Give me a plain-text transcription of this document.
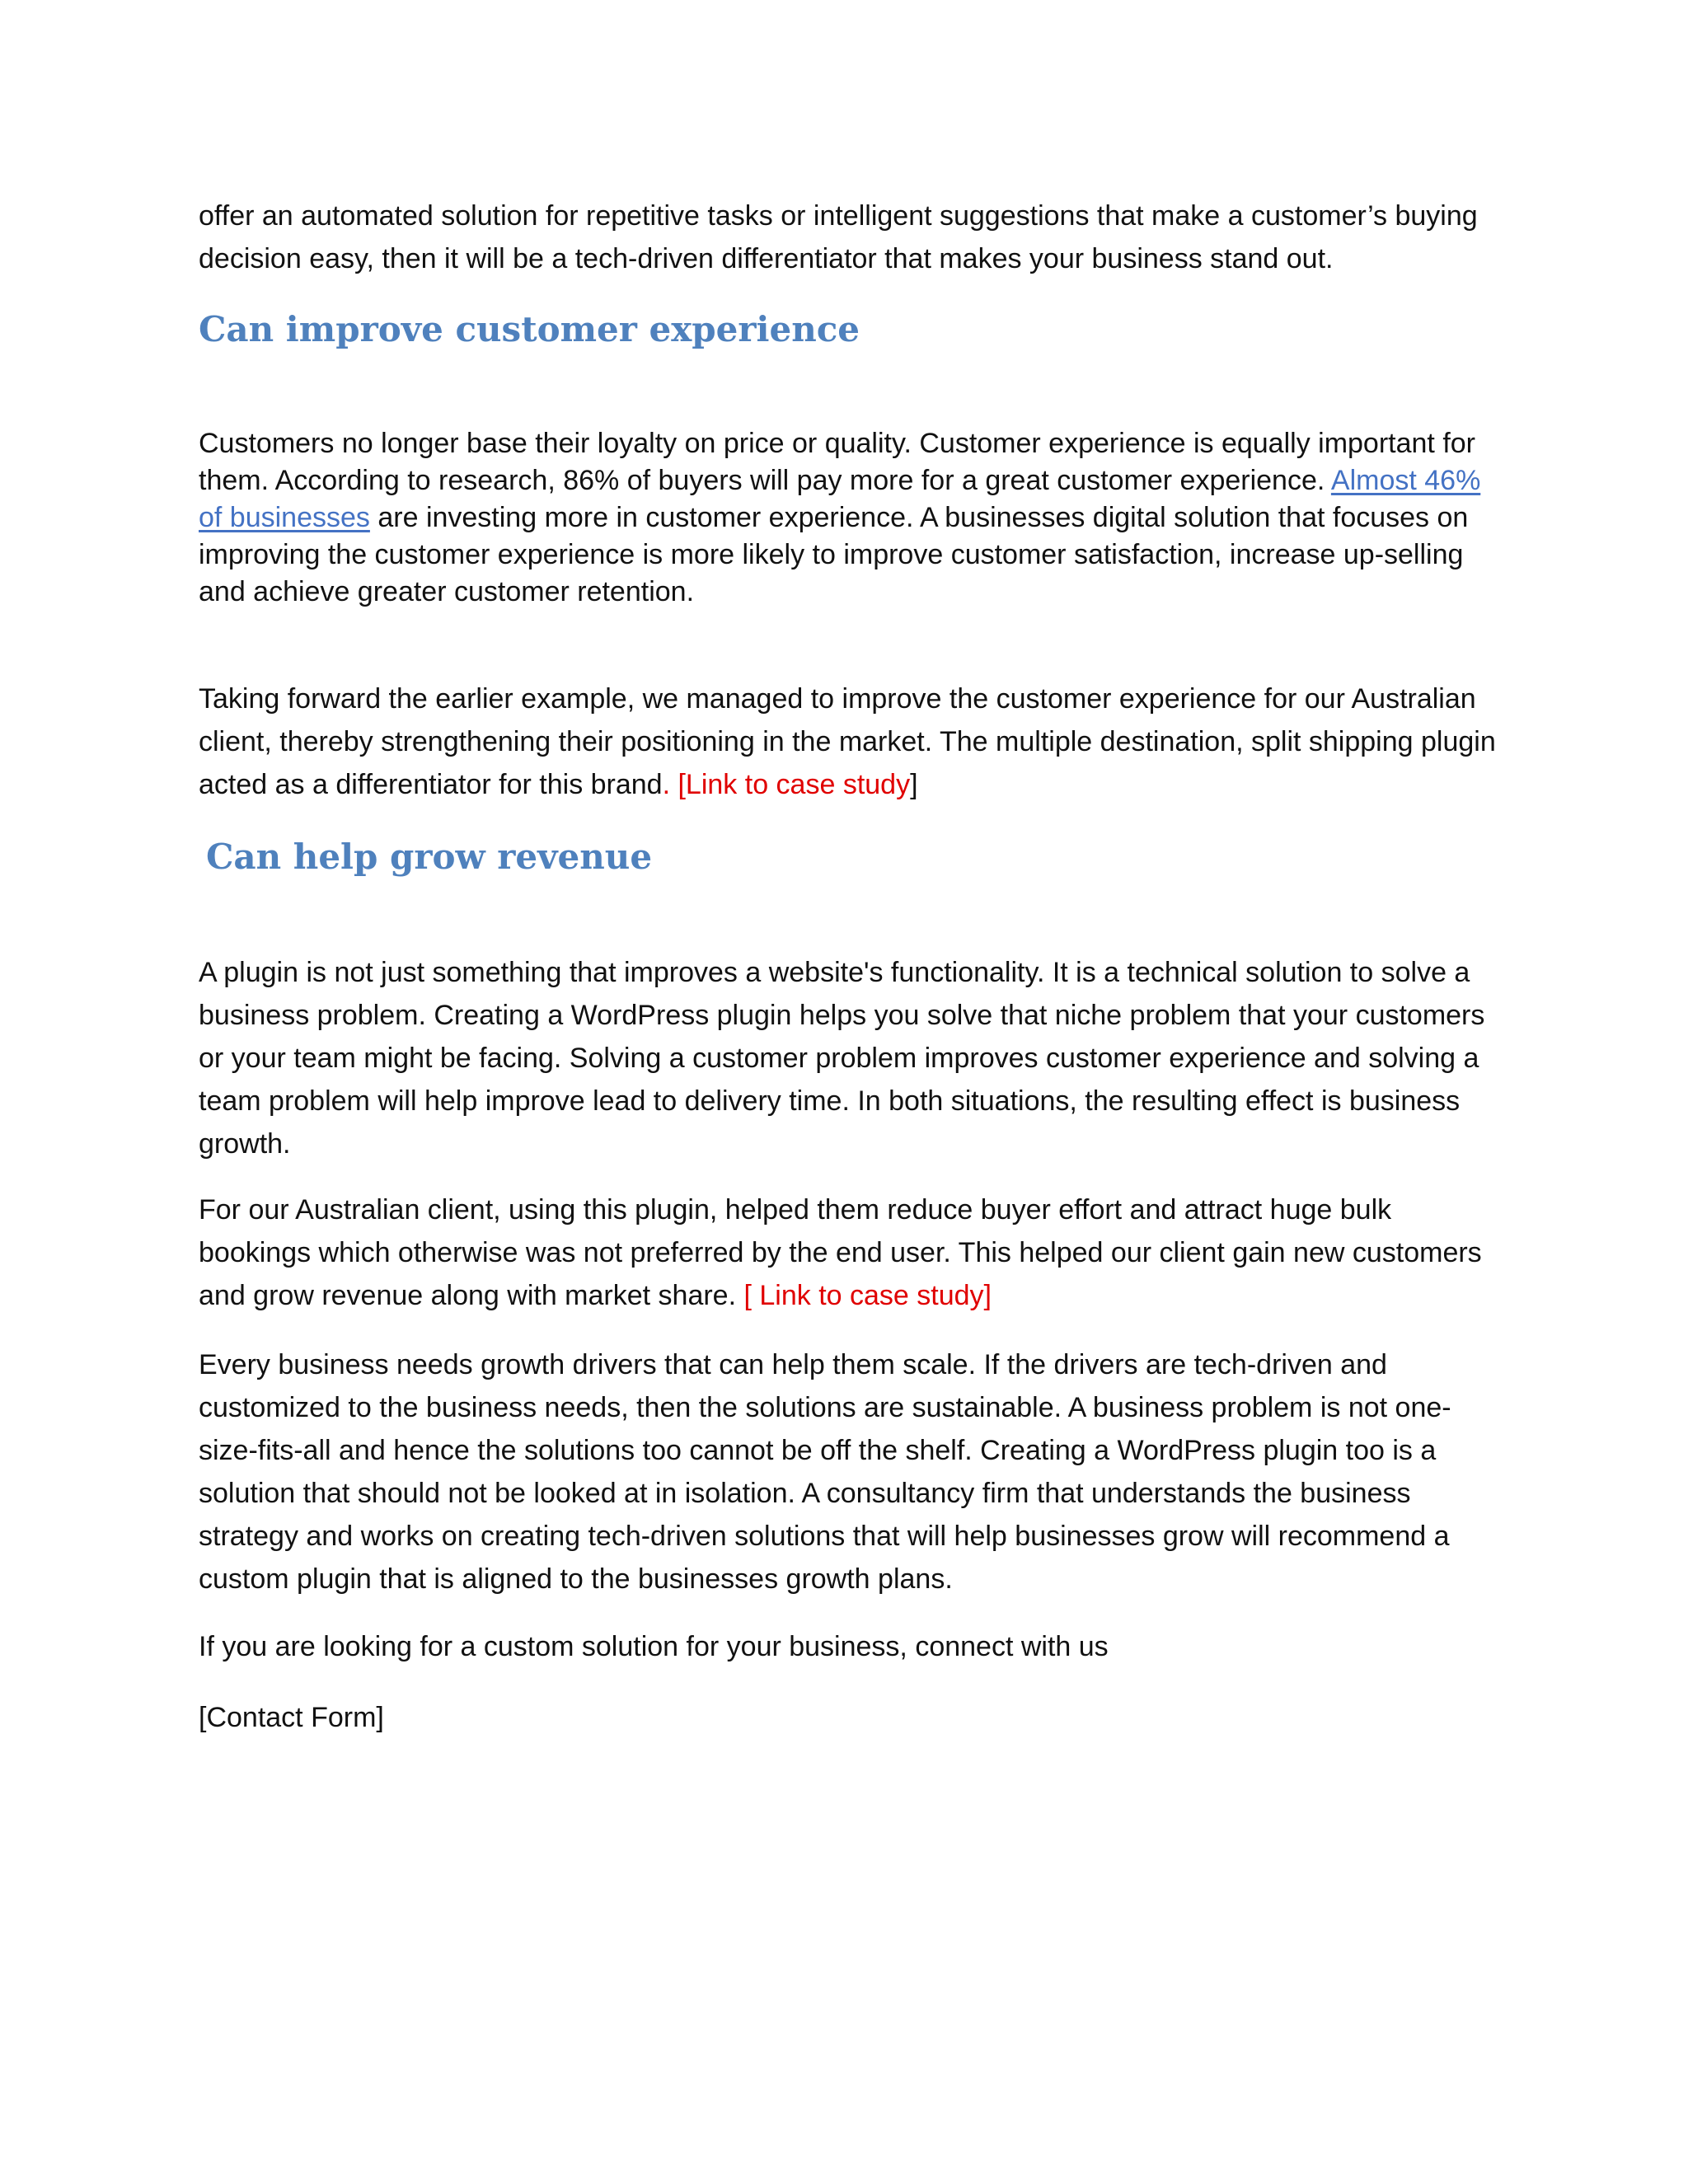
offer an automated solution for repetitive tasks or intelligent suggestions that make a customer’s buying decision easy, then it will be a tech-driven differentiator that makes your business stand out.

Can improve customer experience

Customers no longer base their loyalty on price or quality. Customer experience is equally important for them. According to research, 86% of buyers will pay more for a great customer experience. Almost 46% of businesses are investing more in customer experience. A businesses digital solution that focuses on improving the customer experience is more likely to improve customer satisfaction, increase up-selling and achieve greater customer retention.

Taking forward the earlier example, we managed to improve the customer experience for our Australian client, thereby strengthening their positioning in the market. The multiple destination, split shipping plugin acted as a differentiator for this brand. [Link to case study]

Can help grow revenue

A plugin is not just something that improves a website's functionality. It is a technical solution to solve a business problem. Creating a WordPress plugin helps you solve that niche problem that your customers or your team might be facing. Solving a customer problem improves customer experience and solving a team problem will help improve lead to delivery time. In both situations, the resulting effect is business growth.

For our Australian client, using this plugin, helped them reduce buyer effort and attract huge bulk bookings which otherwise was not preferred by the end user. This helped our client gain new customers and grow revenue along with market share. [ Link to case study]

Every business needs growth drivers that can help them scale. If the drivers are tech-driven and customized to the business needs, then the solutions are sustainable. A business problem is not one-size-fits-all and hence the solutions too cannot be off the shelf. Creating a WordPress plugin too is a solution that should not be looked at in isolation. A consultancy firm that understands the business strategy and works on creating tech-driven solutions that will help businesses grow will recommend a custom plugin that is aligned to the businesses growth plans.

If you are looking for a custom solution for your business, connect with us

[Contact Form]
